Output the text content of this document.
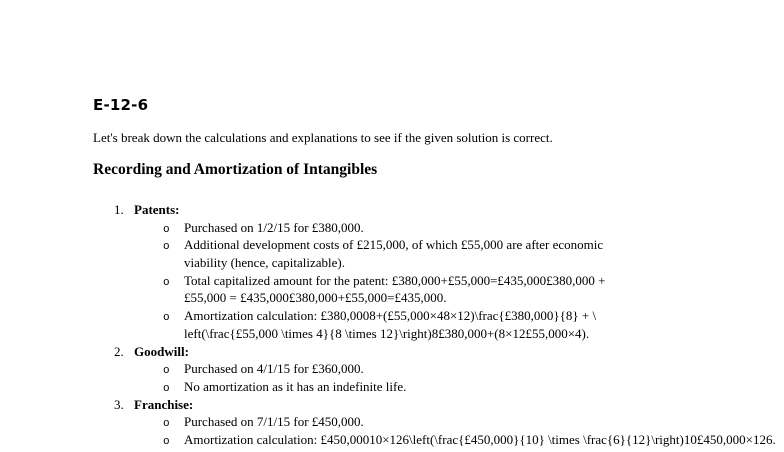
E-12-6

Let's break down the calculations and explanations to see if the given solution is correct.

Recording and Amortization of Intangibles
1. Patents:
o Purchased on 1/2/15 for £380,000.
o Additional development costs of £215,000, of which £55,000 are after economic
viability (hence, capitalizable).
o Total capitalized amount for the patent: £380,000+£55,000=£435,000£380,000 +
£55,000 = £435,000£380,000+£55,000=£435,000.
o Amortization calculation: £380,0008+(£55,000×48×12)\frac{£380,000}{8} + \
left(\frac{£55,000 \times 4}{8 \times 12}\right)8£380,000+(8×12£55,000×4).
2. Goodwill:
o Purchased on 4/1/15 for £360,000.
o No amortization as it has an indefinite life.
3. Franchise:
o Purchased on 7/1/15 for £450,000.
o Amortization calculation: £450,00010×126\left(\frac{£450,000}{10} \times \frac{6}{12}\right)10£450,000×126.
